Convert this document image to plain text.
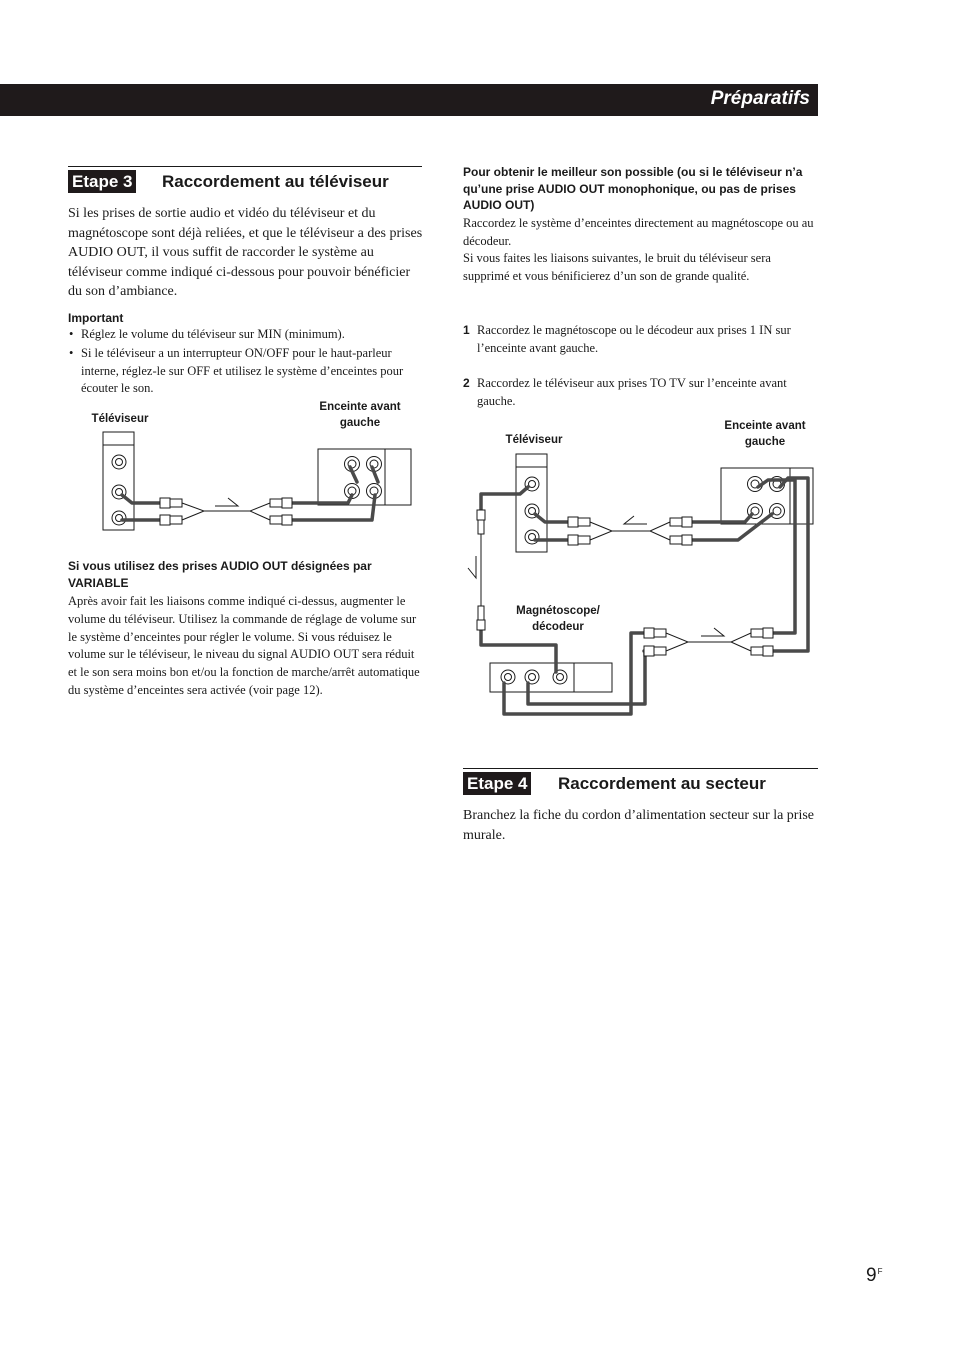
Préparatifs
Etape 3 Raccordement au téléviseur

Si les prises de sortie audio et vidéo du téléviseur et du magnétoscope sont déjà reliées, et que le téléviseur a des prises AUDIO OUT, il vous suffit de raccorder le système au téléviseur comme indiqué ci-dessous pour pouvoir bénéficier du son d’ambiance.

Important

• Réglez le volume du téléviseur sur MIN (minimum).
• Si le téléviseur a un interrupteur ON/OFF pour le haut-parleur interne, réglez-le sur OFF et utilisez le système d’enceintes pour écouter le son.
Téléviseur
Enceinte avant gauche

Si vous utilisez des prises AUDIO OUT désignées par VARIABLE

Après avoir fait les liaisons comme indiqué ci-dessus, augmenter le volume du téléviseur. Utilisez la commande de réglage de volume sur le système d’enceintes pour régler le volume. Si vous réduisez le volume sur le téléviseur, le niveau du signal AUDIO OUT sera réduit et le son sera moins bon et/ou la fonction de marche/arrêt automatique du système d’enceintes sera activée (voir page 12).

Pour obtenir le meilleur son possible (ou si le téléviseur n’a qu’une prise AUDIO OUT monophonique, ou pas de prises AUDIO OUT)

Raccordez le système d’enceintes directement au magnétoscope ou au décodeur.

Si vous faites les liaisons suivantes, le bruit du téléviseur sera supprimé et vous bénificierez d’un son de grande qualité.

1 Raccordez le magnétoscope ou le décodeur aux prises 1 IN sur l’enceinte avant gauche.
2 Raccordez le téléviseur aux prises TO TV sur l’enceinte avant gauche.
Téléviseur
Enceinte avant gauche
Magnétoscope/ décodeur
Etape 4 Raccordement au secteur

Branchez la fiche du cordon d’alimentation secteur sur la prise murale.

$9^F$
